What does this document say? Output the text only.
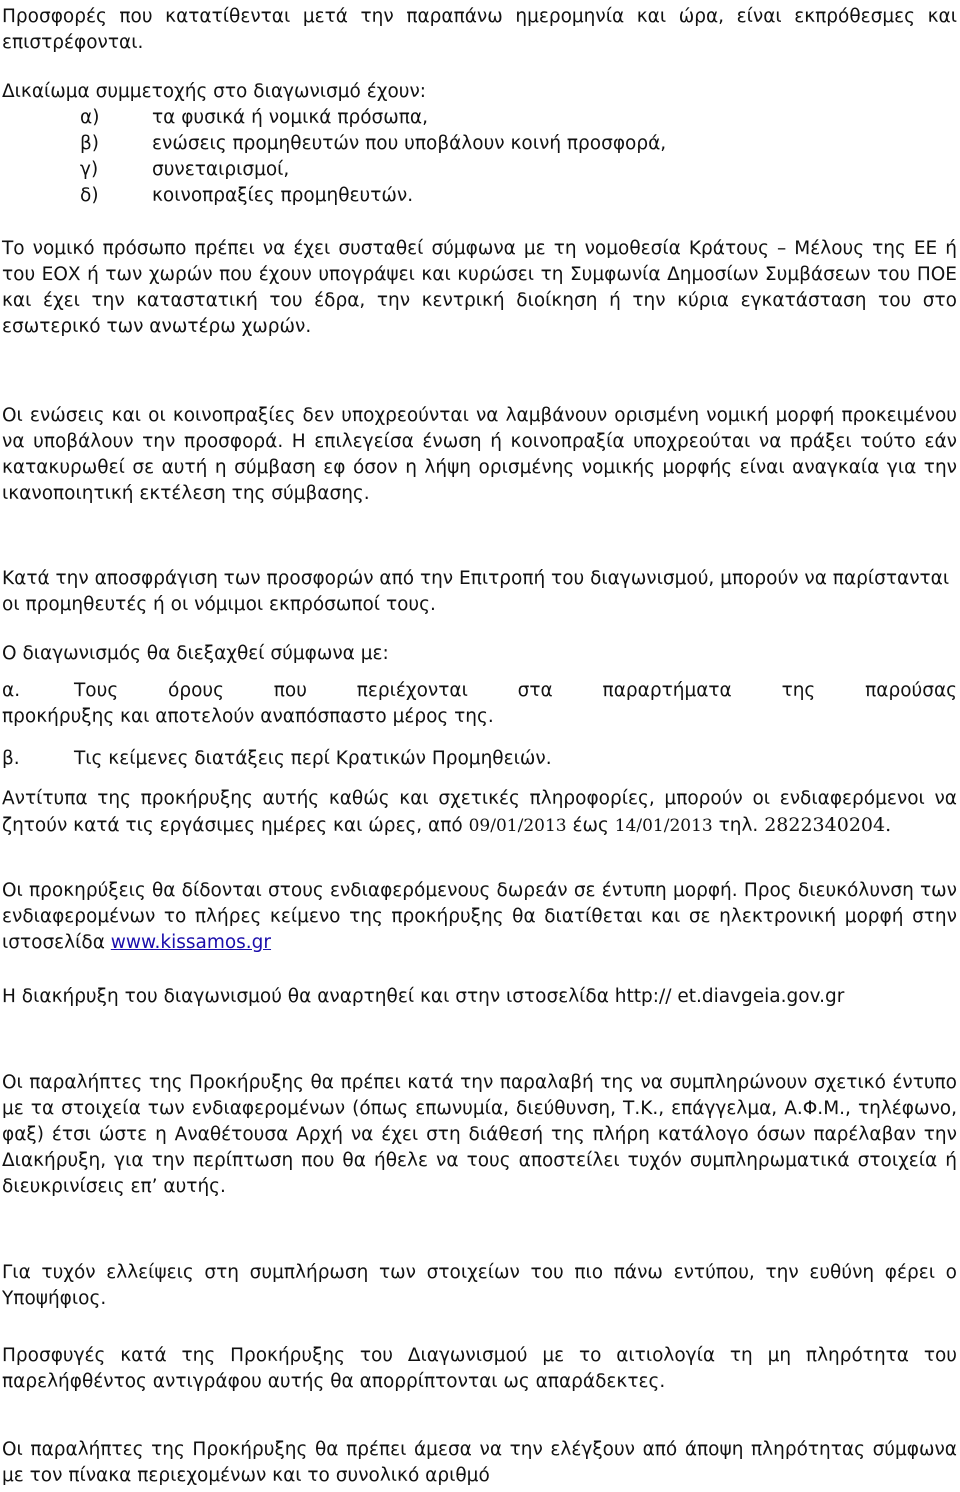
Προσφορές που κατατίθενται μετά την παραπάνω ημερομηνία και ώρα, είναι εκπρόθεσμες και επιστρέφονται.

Δικαίωμα συμμετοχής στο διαγωνισμό έχουν:

α)	τα φυσικά ή νομικά πρόσωπα,
β)	ενώσεις προμηθευτών που υποβάλουν κοινή προσφορά,
γ)	συνεταιρισμοί,
δ)	κοινοπραξίες προμηθευτών.

Το νομικό πρόσωπο πρέπει να έχει συσταθεί σύμφωνα με τη νομοθεσία Κράτους – Μέλους της ΕΕ ή του ΕΟΧ ή των χωρών που έχουν υπογράψει και κυρώσει τη Συμφωνία Δημοσίων Συμβάσεων του ΠΟΕ και έχει την καταστατική του έδρα, την κεντρική διοίκηση ή την κύρια εγκατάσταση του στο εσωτερικό των ανωτέρω χωρών.

Οι ενώσεις και οι κοινοπραξίες δεν υποχρεούνται να λαμβάνουν ορισμένη νομική μορφή προκειμένου να υποβάλουν την προσφορά. Η επιλεγείσα ένωση ή κοινοπραξία υποχρεούται να πράξει τούτο εάν κατακυρωθεί σε αυτή η σύμβαση εφ όσον η λήψη ορισμένης νομικής μορφής είναι αναγκαία για την ικανοποιητική εκτέλεση της σύμβασης.

Κατά την αποσφράγιση των προσφορών από την Επιτροπή του διαγωνισμού, μπορούν να παρίστανται οι προμηθευτές ή οι νόμιμοι εκπρόσωποί τους.

Ο διαγωνισμός θα διεξαχθεί σύμφωνα με:

α.	Τους όρους που περιέχονται στα παραρτήματα της παρούσας
προκήρυξης και αποτελούν αναπόσπαστο μέρος της.
β.	Τις κείμενες διατάξεις περί Κρατικών Προμηθειών.

Αντίτυπα της προκήρυξης αυτής καθώς και σχετικές πληροφορίες, μπορούν οι ενδιαφερόμενοι να ζητούν κατά τις εργάσιμες ημέρες και ώρες, από 09/01/2013 έως 14/01/2013 τηλ. 2822340204.

Οι προκηρύξεις θα δίδονται στους ενδιαφερόμενους δωρεάν σε έντυπη μορφή. Προς διευκόλυνση των ενδιαφερομένων το πλήρες κείμενο της προκήρυξης θα διατίθεται και σε ηλεκτρονική μορφή στην ιστοσελίδα www.kissamos.gr

Η διακήρυξη του διαγωνισμού θα αναρτηθεί και στην ιστοσελίδα http:// et.diavgeia.gov.gr

Οι παραλήπτες της Προκήρυξης θα πρέπει κατά την παραλαβή της να συμπληρώνουν σχετικό έντυπο με τα στοιχεία των ενδιαφερομένων (όπως επωνυμία, διεύθυνση, Τ.Κ., επάγγελμα, Α.Φ.Μ., τηλέφωνο, φαξ) έτσι ώστε η Αναθέτουσα Αρχή να έχει στη διάθεσή της πλήρη κατάλογο όσων παρέλαβαν την Διακήρυξη, για την περίπτωση που θα ήθελε να τους αποστείλει τυχόν συμπληρωματικά στοιχεία ή διευκρινίσεις επ’ αυτής.

Για τυχόν ελλείψεις στη συμπλήρωση των στοιχείων του πιο πάνω εντύπου, την ευθύνη φέρει ο Υποψήφιος.

Προσφυγές κατά της Προκήρυξης του Διαγωνισμού με το αιτιολογία τη μη πληρότητα του παρελήφθέντος αντιγράφου αυτής θα απορρίπτονται ως απαράδεκτες.

Οι παραλήπτες της Προκήρυξης θα πρέπει άμεσα να την ελέγξουν από άποψη πληρότητας σύμφωνα με τον πίνακα περιεχομένων και το συνολικό αριθμό
